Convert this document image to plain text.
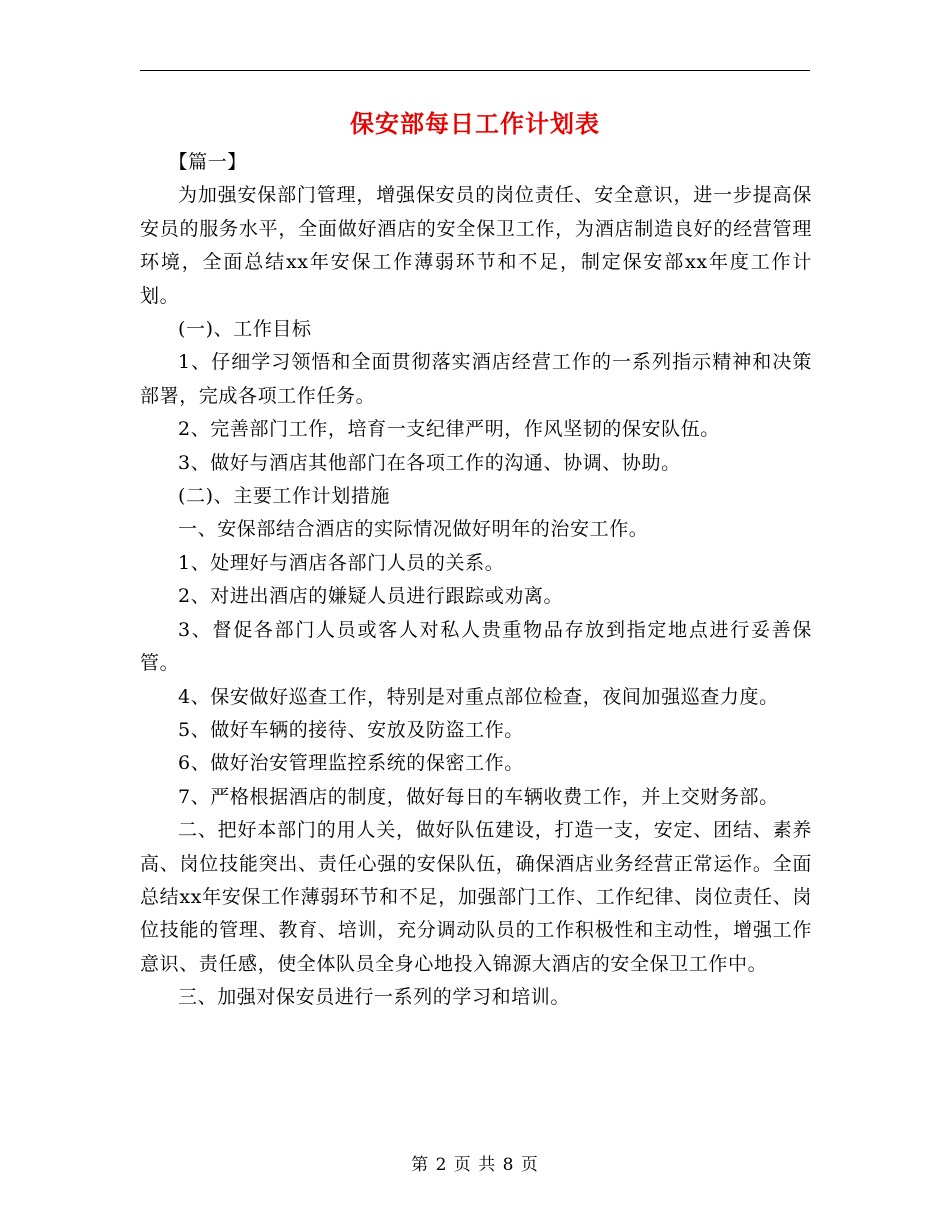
保安部每日工作计划表

【篇一】

为加强安保部门管理，增强保安员的岗位责任、安全意识，进一步提高保安员的服务水平，全面做好酒店的安全保卫工作，为酒店制造良好的经营管理环境，全面总结xx年安保工作薄弱环节和不足，制定保安部xx年度工作计划。

(一)、工作目标

1、仔细学习领悟和全面贯彻落实酒店经营工作的一系列指示精神和决策部署，完成各项工作任务。

2、完善部门工作，培育一支纪律严明，作风坚韧的保安队伍。

3、做好与酒店其他部门在各项工作的沟通、协调、协助。

(二)、主要工作计划措施

一、安保部结合酒店的实际情况做好明年的治安工作。

1、处理好与酒店各部门人员的关系。

2、对进出酒店的嫌疑人员进行跟踪或劝离。

3、督促各部门人员或客人对私人贵重物品存放到指定地点进行妥善保管。

4、保安做好巡查工作，特别是对重点部位检查，夜间加强巡查力度。

5、做好车辆的接待、安放及防盗工作。

6、做好治安管理监控系统的保密工作。

7、严格根据酒店的制度，做好每日的车辆收费工作，并上交财务部。

二、把好本部门的用人关，做好队伍建设，打造一支，安定、团结、素养高、岗位技能突出、责任心强的安保队伍，确保酒店业务经营正常运作。全面总结xx年安保工作薄弱环节和不足，加强部门工作、工作纪律、岗位责任、岗位技能的管理、教育、培训，充分调动队员的工作积极性和主动性，增强工作意识、责任感，使全体队员全身心地投入锦源大酒店的安全保卫工作中。

三、加强对保安员进行一系列的学习和培训。

第 2 页 共 8 页
